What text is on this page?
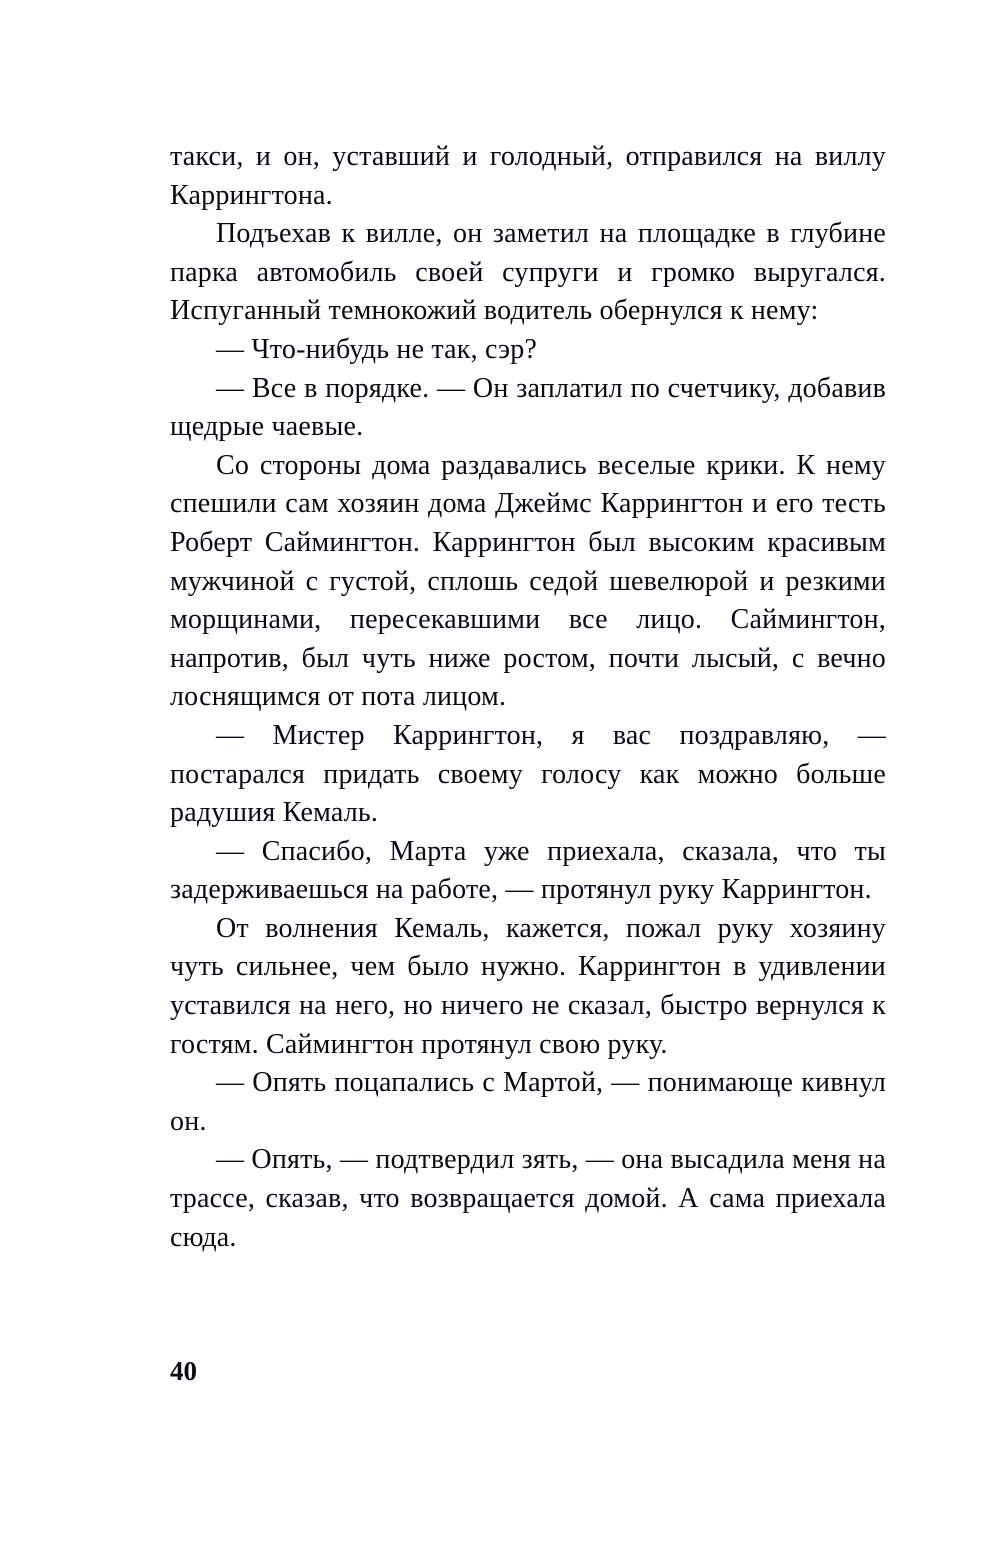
такси, и он, уставший и голодный, отправился на виллу Каррингтона.

Подъехав к вилле, он заметил на площадке в глубине парка автомобиль своей супруги и громко выругался. Испуганный темнокожий водитель обернулся к нему:

— Что-нибудь не так, сэр?

— Все в порядке. — Он заплатил по счетчику, добавив щедрые чаевые.

Со стороны дома раздавались веселые крики. К нему спешили сам хозяин дома Джеймс Каррингтон и его тесть Роберт Саймингтон. Каррингтон был высоким красивым мужчиной с густой, сплошь седой шевелюрой и резкими морщинами, пересекавшими все лицо. Саймингтон, напротив, был чуть ниже ростом, почти лысый, с вечно лоснящимся от пота лицом.

— Мистер Каррингтон, я вас поздравляю, — постарался придать своему голосу как можно больше радушия Кемаль.

— Спасибо, Марта уже приехала, сказала, что ты задерживаешься на работе, — протянул руку Каррингтон.

От волнения Кемаль, кажется, пожал руку хозяину чуть сильнее, чем было нужно. Каррингтон в удивлении уставился на него, но ничего не сказал, быстро вернулся к гостям. Саймингтон протянул свою руку.

— Опять поцапались с Мартой, — понимающе кивнул он.

— Опять, — подтвердил зять, — она высадила меня на трассе, сказав, что возвращается домой. А сама приехала сюда.

40
